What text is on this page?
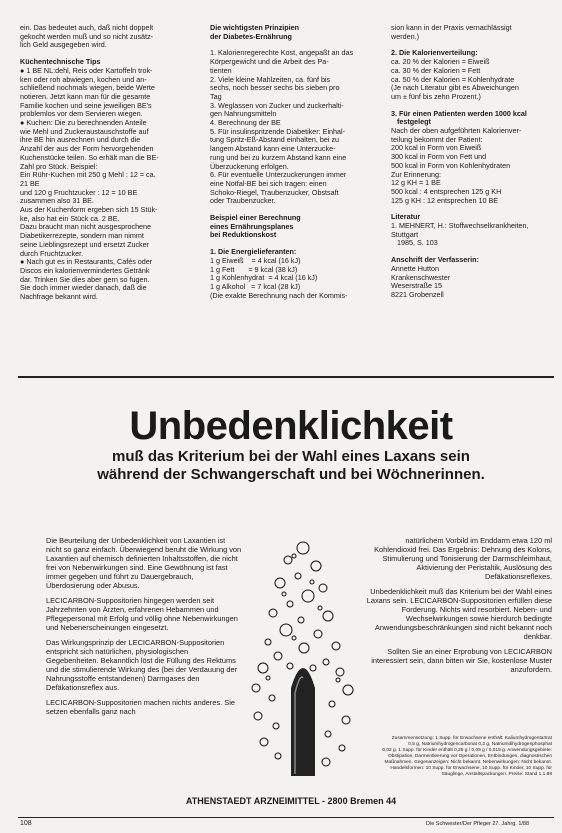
ein. Das bedeutet auch, daß nicht doppelt

gekocht werden muß und so nicht zusätz-

lich Geld ausgegeben wird.

Küchentechnische Tips

● 1 BE NL:dehl, Reis oder Kartoffeln trok-

ken oder roh abwiegen, kochen und an-

schließend nochmals wiegen, beide Werte

notieren. Jetzt kann man für die gesamte

Familie kochen und seine jeweiligen BE's

problemlos vor dem Servieren wiegen.

● Kuchen: Die zu berechnenden Anteile

wie Mehl und Zuckeraustauschstoffe auf

ihre BE hin ausrechnen und durch die

Anzahl der aus der Form hervorgehenden

Kuchenstücke teilen. So erhält man die BE-

Zahl pro Stück. Beispiel:

Ein Rühr-Kuchen mit 250 g Mehl : 12 = ca.

21 BE

und 120 g Fruchtzucker : 12 = 10 BE

zusammen also 31 BE.

Aus der Kuchenform ergeben sich 15 Stük-

ke, also hat ein Stück ca. 2 BE.

Dazu braucht man nicht ausgesprochene

Diabetikerrezepte, sondern man nimmt

seine Lieblingsrezept und ersetzt Zucker

durch Fruchtzucker.

● Nach gut es in Restaurants, Cafés oder

Discos ein kalorienvermindertes Getränk

dar. Trinken Sie dies aber gern so fugen.

Sie doch immer wieder danach, daß die

Nachfrage bekannt wird.

Die wichtigsten Prinzipien

der Diabetes-Ernährung

1. Kalorienregerechte Kost, angepaßt an das

Körpergewicht und die Arbeit des Pa-

tienten

2. Viele kleine Mahlzeiten, ca. fünf bis

sechs, noch besser sechs bis sieben pro

Tag

3. Weglassen von Zucker und zuckerhalti-

gen Nahrungsmitteln

4. Berechnung der BE

5. Für insulinspritzende Diabetiker: Einhal-

tung Spritz-Eß-Abstand einhalten, bei zu

langem Abstand kann eine Unterzucke-

rung und bei zu kurzem Abstand kann eine

Überzuckerung erfolgen.

6. Für eventuelle Unterzuckerungen immer

eine Notfal-BE bei sich tragen: einen

Schoko-Riegel, Traubenzucker, Obstsaft

oder Traubenzucker.

Beispiel einer Berechnung

eines Ernährungsplanes

bei Reduktionskost

1. Die Energielieferanten:

1 g Eiweiß    = 4 kcal (16 kJ)

1 g Fett       = 9 kcal (38 kJ)

1 g Kohlenhydrat  = 4 kcal (16 kJ)

1 g Alkohol   = 7 kcal (28 kJ)

(Die exakte Berechnung nach der Kommis-

sion kann in der Praxis vernachlässigt

werden.)

2. Die Kalorienverteilung:

ca. 20 % der Kalorien = Eiweiß

ca. 30 % der Kalorien = Fett

ca. 50 % der Kalorien = Kohlenhydrate

(Je nach Literatur gibt es Abweichungen

um ± fünf bis zehn Prozent.)

3. Für einen Patienten werden 1000 kcal

festgelegt

Nach der oben aufgeführten Kalorienver-

teilung bekommt der Patient:

200 kcal in Form von Eiweiß

300 kcal in Form von Fett und

500 kcal in Form von Kohlenhydraten

Zur Erinnerung:

12 g KH = 1 BE

500 kcal : 4 entsprechen 125 g KH

125 g KH : 12 entsprechen 10 BE

Literatur

1. MEHNERT, H.: Stoffwechselkrankheiten, Stuttgart

1985, S. 103

Anschrift der Verfasserin:

Annette Hutton

Krankenschwester

Weserstraße 15

8221 Grobenzell

Unbedenklichkeit
muß das Kriterium bei der Wahl eines Laxans sein
während der Schwangerschaft und bei Wöchnerinnen.

Die Beurteilung der Unbedenklichkeit von Laxantien ist nicht so ganz einfach. Überwiegend beruht die Wirkung von Laxantien auf chemisch definierten Inhaltsstoffen, die nicht frei von Nebenwirkungen sind. Eine Gewöhnung ist fast immer gegeben und führt zu Dauergebrauch, Überdosierung oder Abusus.

LECICARBON-Suppositorien hingegen werden seit Jahrzehnten von Ärzten, erfahrenen Hebammen und Pflegepersonal mit Erfolg und völlig ohne Nebenwirkungen und Nebenerscheinungen eingesetzt.

Das Wirkungsprinzip der LECICARBON-Suppositorien entspricht sich natürlichen, physiologischen Gegebenheiten. Bekanntlich löst die Füllung des Rektums und die stimulierende Wirkung des (bei der Verdauung der Nahrungsstoffe entstandenen) Darmgases den Defäkationsreflex aus.

LECICARBON-Suppositorien machen nichts anderes. Sie setzen ebenfalls ganz nach

natürlichem Vorbild im Enddarm etwa 120 ml Kohlendioxid frei. Das Ergebnis: Dehnung des Kolons, Stimulierung und Tonisierung der Darmschleimhaut, Aktivierung der Peristaltik, Auslösung des Defäkationsreflexes.

Unbedenklichkeit muß das Kriterium bei der Wahl eines Laxans sein. LECICARBON-Suppositorien erfüllen diese Forderung. Nichts wird resorbiert. Neben- und Wechselwirkungen sowie hierdurch bedingte Anwendungsbeschränkungen sind nicht bekannt noch denkbar.

Sollten Sie an einer Erprobung von LECICARBON interessiert sein, dann bitten wir Sie, kostenlose Muster anzufordern.

Zusammensetzung: 1 Supp. für Erwachsene enthält: Kaliumhydrogentartrat
0,5 g, Natriumhydrogencarbonat 0,2 g, Natriumdihydrogenphosphat
0,02 g. 1 Supp. für Kinder enthält 0,25 g / 0,09 g / 0,015 g. Anwendungsgebiete:
Obstipation, Darmentleerung vor Operationen, Entbindungen, diagnostischen
Maßnahmen. Gegenanzeigen: Nicht bekannt. Nebenwirkungen: Nicht bekannt.
Handelsformen: 10 Supp. für Erwachsene, 10 Supp. für Kinder, 10 Supp. für
Säuglinge, Anstaltspackungen. Preise: Stand 1.1.88
ATHENSTAEDT ARZNEIMITTEL - 2800 Bremen 44
108	Die Schwester/Der Pfleger 27. Jahrg. 1/88
